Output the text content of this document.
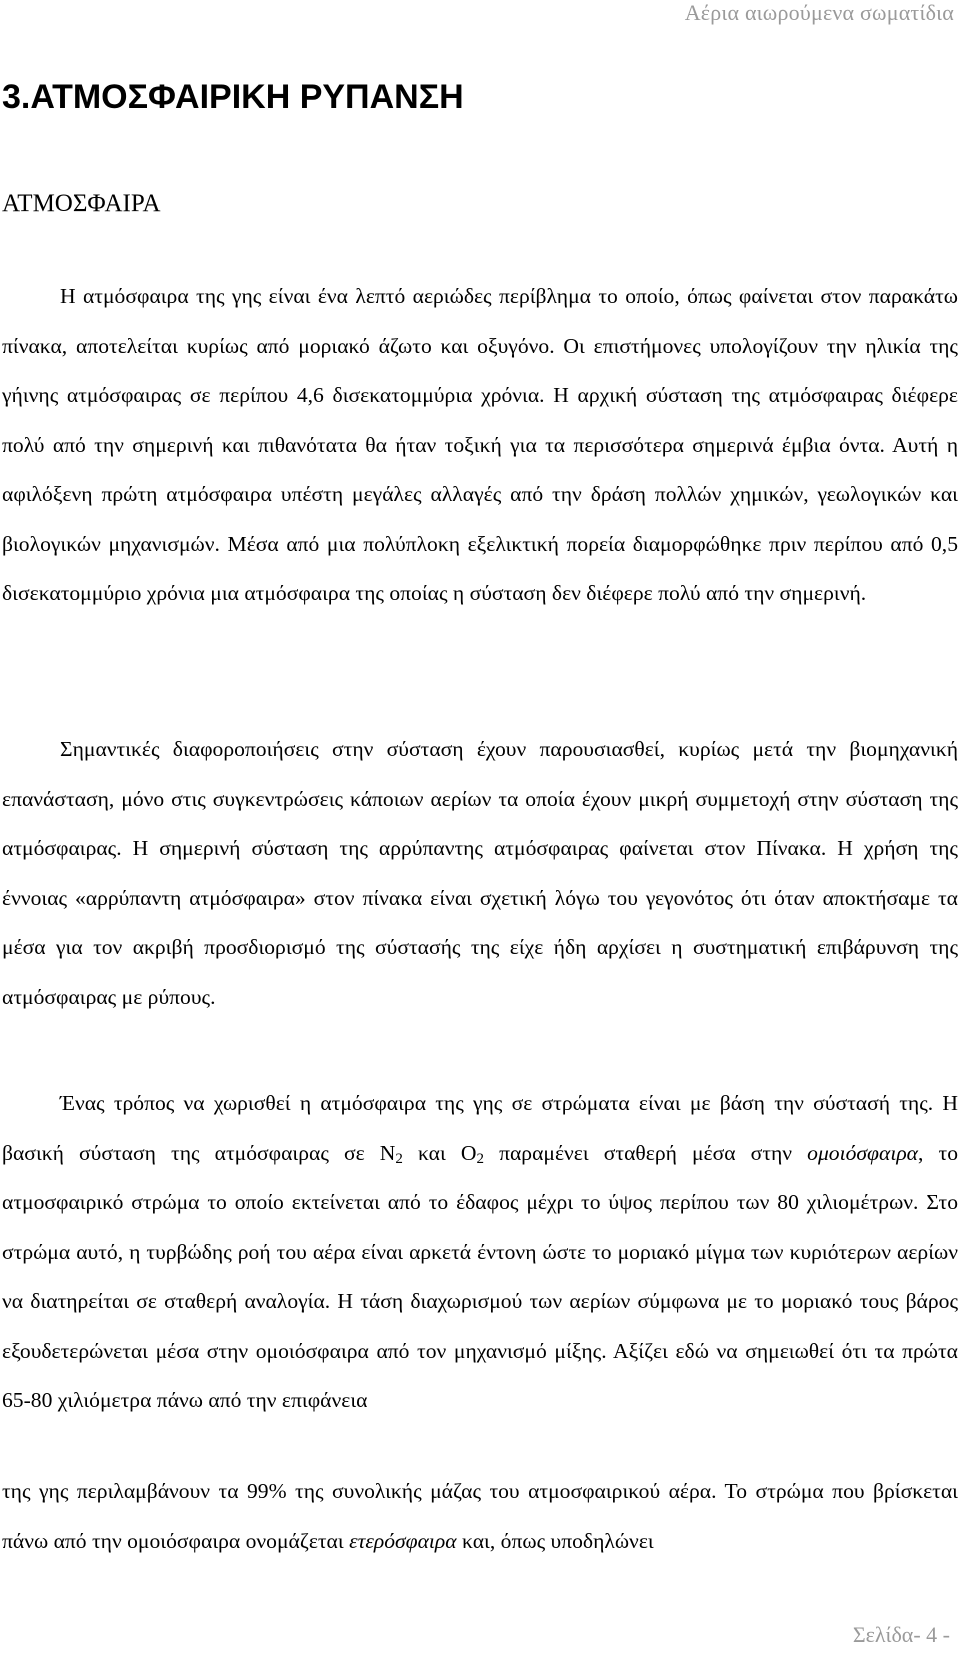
Αέρια αιωρούμενα σωματίδια
3.ΑΤΜΟΣΦΑΙΡΙΚΗ ΡΥΠΑΝΣΗ
ΑΤΜΟΣΦΑΙΡΑ

Η ατμόσφαιρα της γης είναι ένα λεπτό αεριώδες περίβλημα το οποίο, όπως φαίνεται στον παρακάτω πίνακα, αποτελείται κυρίως από μοριακό άζωτο και οξυγόνο. Οι επιστήμονες υπολογίζουν την ηλικία της γήινης ατμόσφαιρας σε περίπου 4,6 δισεκατομμύρια χρόνια. Η αρχική σύσταση της ατμόσφαιρας διέφερε πολύ από την σημερινή και πιθανότατα θα ήταν τοξική για τα περισσότερα σημερινά έμβια όντα. Αυτή η αφιλόξενη πρώτη ατμόσφαιρα υπέστη μεγάλες αλλαγές από την δράση πολλών χημικών, γεωλογικών και βιολογικών μηχανισμών. Μέσα από μια πολύπλοκη εξελικτική πορεία διαμορφώθηκε πριν περίπου από 0,5 δισεκατομμύριο χρόνια μια ατμόσφαιρα της οποίας η σύσταση δεν διέφερε πολύ από την σημερινή.

Σημαντικές διαφοροποιήσεις στην σύσταση έχουν παρουσιασθεί, κυρίως μετά την βιομηχανική επανάσταση, μόνο στις συγκεντρώσεις κάποιων αερίων τα οποία έχουν μικρή συμμετοχή στην σύσταση της ατμόσφαιρας. Η σημερινή σύσταση της αρρύπαντης ατμόσφαιρας φαίνεται στον Πίνακα. Η χρήση της έννοιας «αρρύπαντη ατμόσφαιρα» στον πίνακα είναι σχετική λόγω του γεγονότος ότι όταν αποκτήσαμε τα μέσα για τον ακριβή προσδιορισμό της σύστασής της είχε ήδη αρχίσει η συστηματική επιβάρυνση της ατμόσφαιρας με ρύπους.

Ένας τρόπος να χωρισθεί η ατμόσφαιρα της γης σε στρώματα είναι με βάση την σύστασή της. Η βασική σύσταση της ατμόσφαιρας σε $N_2$ και $O_2$ παραμένει σταθερή μέσα στην ομοιόσφαιρα, το ατμοσφαιρικό στρώμα το οποίο εκτείνεται από το έδαφος μέχρι το ύψος περίπου των 80 χιλιομέτρων. Στο στρώμα αυτό, η τυρβώδης ροή του αέρα είναι αρκετά έντονη ώστε το μοριακό μίγμα των κυριότερων αερίων να διατηρείται σε σταθερή αναλογία. Η τάση διαχωρισμού των αερίων σύμφωνα με το μοριακό τους βάρος εξουδετερώνεται μέσα στην ομοιόσφαιρα από τον μηχανισμό μίξης. Αξίζει εδώ να σημειωθεί ότι τα πρώτα 65-80 χιλιόμετρα πάνω από την επιφάνεια

της γης περιλαμβάνουν τα 99% της συνολικής μάζας του ατμοσφαιρικού αέρα. Το στρώμα που βρίσκεται πάνω από την ομοιόσφαιρα ονομάζεται ετερόσφαιρα και, όπως υποδηλώνει

Σελίδα- 4 -
